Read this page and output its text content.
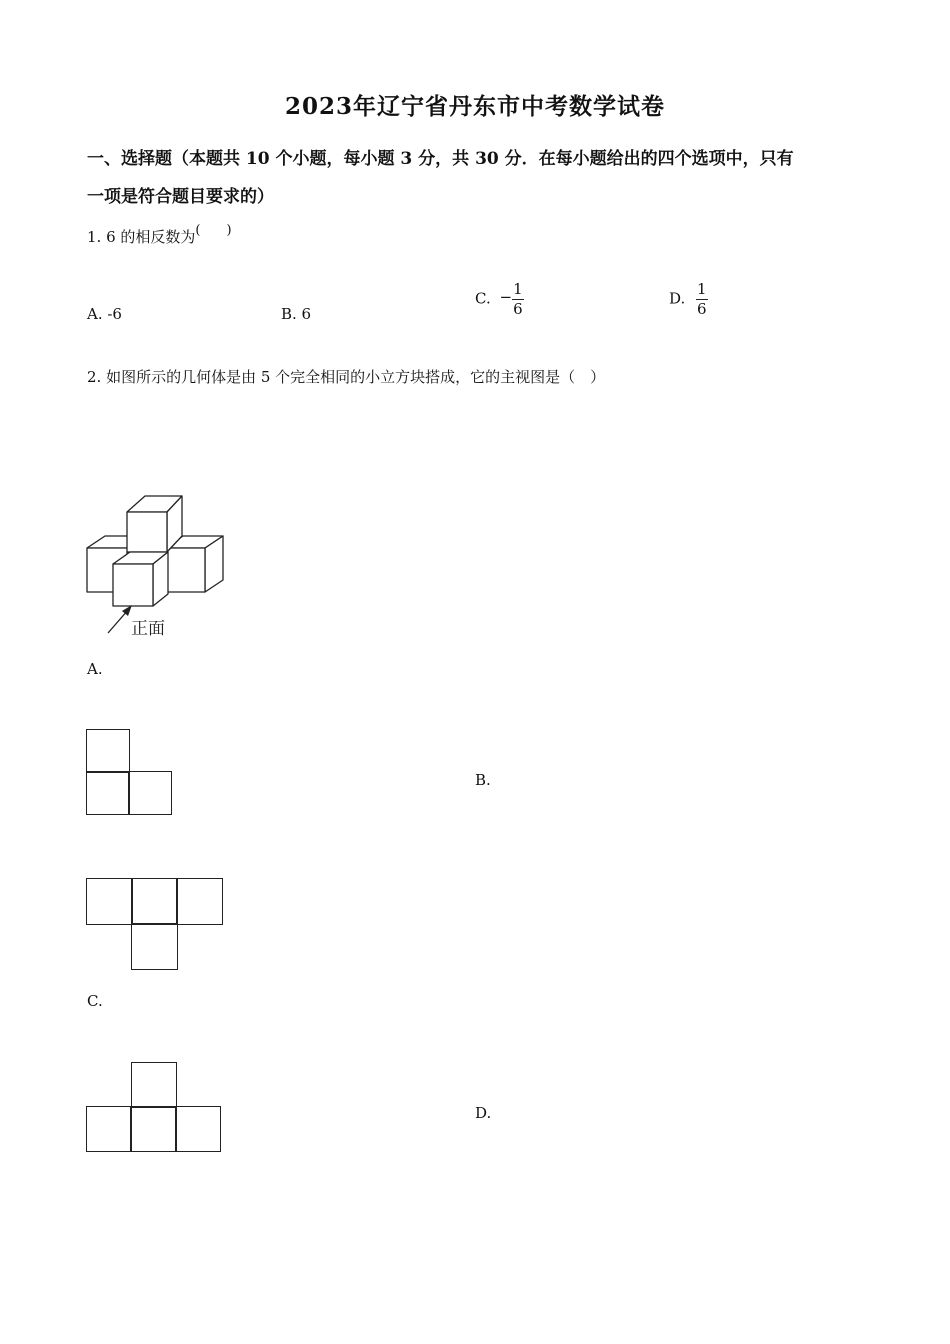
2023年辽宁省丹东市中考数学试卷
一、选择题（本题共 10 个小题，每小题 3 分，共 30 分．在每小题给出的四个选项中，只有
一项是符合题目要求的）
1. 6 的相反数为(　　)
A. -6	B. 6
C. − $\frac{1}{6}$	D. $\frac{1}{6}$
2. 如图所示的几何体是由 5 个完全相同的小立方块搭成，它的主视图是（　）
正面
A.
B.
C.
D.
